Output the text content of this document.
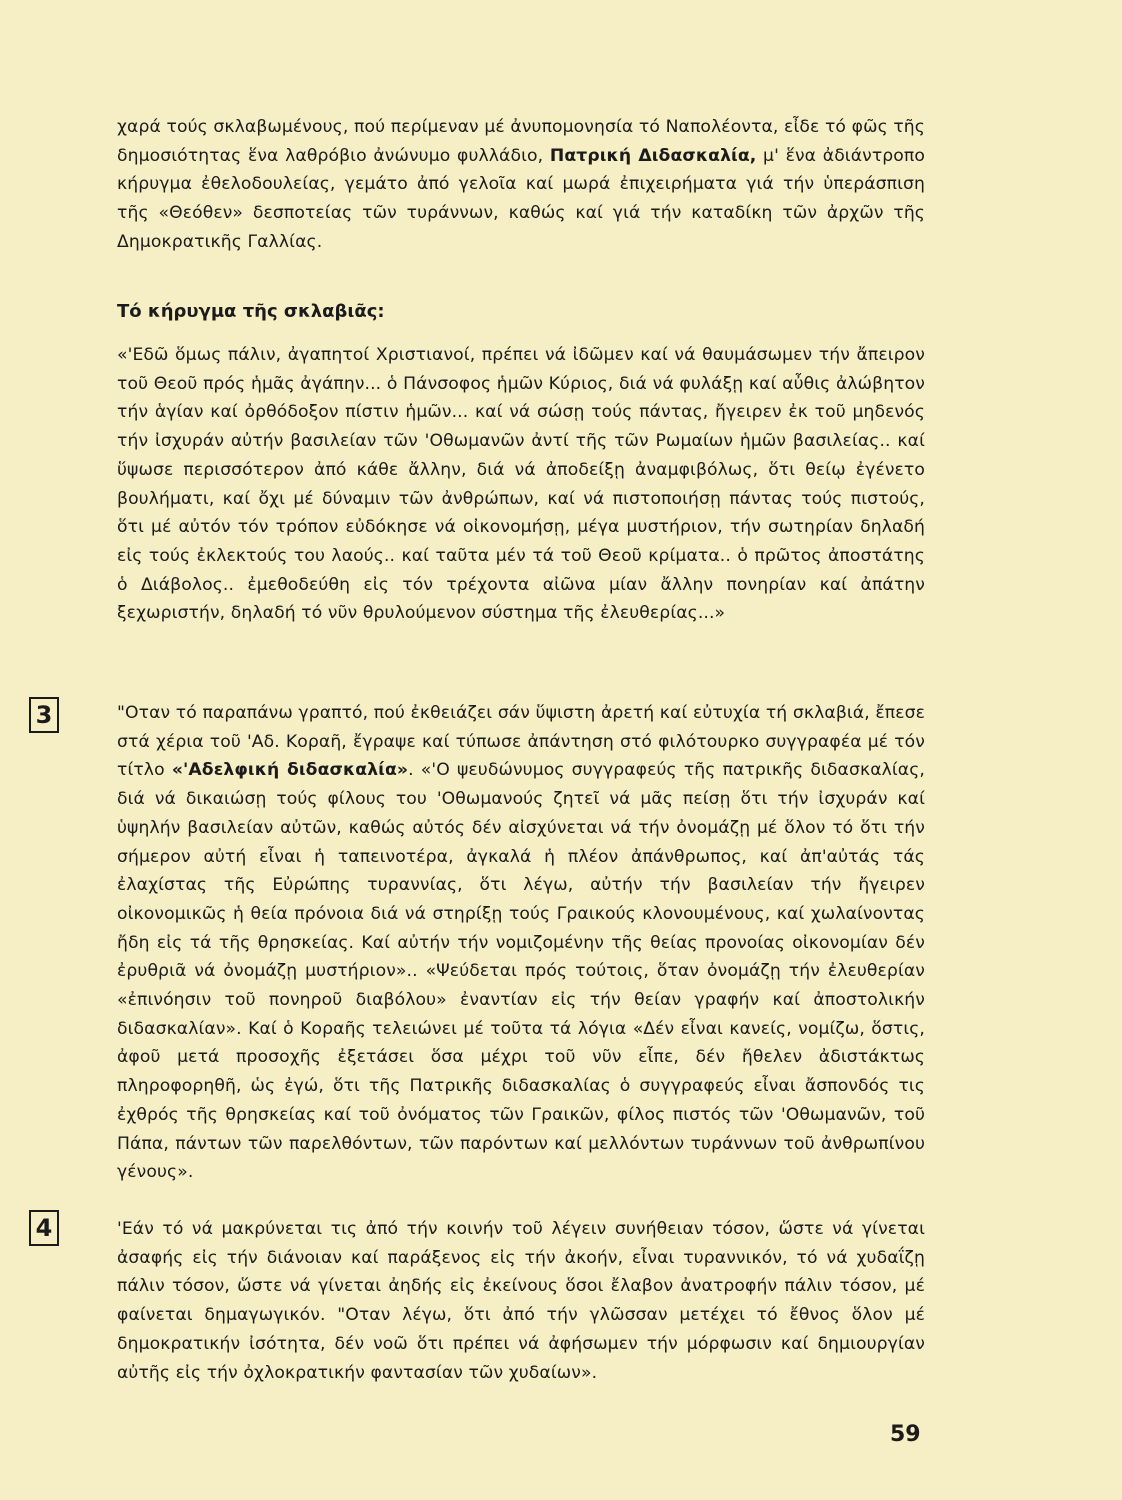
χαρά τούς σκλαβωμένους, πού περίμεναν μέ ἀνυπομονησία τό Ναπολέοντα, εἶδε τό φῶς τῆς δημοσιότητας ἕνα λαθρόβιο ἀνώνυμο φυλλάδιο, Πατρική Διδασκαλία, μ' ἕνα ἀδιάντροπο κήρυγμα ἐθελοδουλείας, γεμάτο ἀπό γελοῖα καί μωρά ἐπιχειρήματα γιά τήν ὑπεράσπιση τῆς «Θεόθεν» δεσποτείας τῶν τυράννων, καθώς καί γιά τήν καταδίκη τῶν ἀρχῶν τῆς Δημοκρατικῆς Γαλλίας.

Τό κήρυγμα τῆς σκλαβιᾶς:

«'Εδῶ ὅμως πάλιν, ἀγαπητοί Χριστιανοί, πρέπει νά ἰδῶμεν καί νά θαυμάσωμεν τήν ἄπειρον τοῦ Θεοῦ πρός ἡμᾶς ἀγάπην... ὁ Πάνσοφος ἡμῶν Κύριος, διά νά φυλάξῃ καί αὖθις ἀλώβητον τήν ἁγίαν καί ὀρθόδοξον πίστιν ἡμῶν... καί νά σώσῃ τούς πάντας, ἤγειρεν ἐκ τοῦ μηδενός τήν ἰσχυράν αὐτήν βασιλείαν τῶν 'Οθωμανῶν ἀντί τῆς τῶν Ρωμαίων ἡμῶν βασιλείας.. καί ὕψωσε περισσότερον ἀπό κάθε ἄλλην, διά νά ἀποδείξῃ ἀναμφιβόλως, ὅτι θείῳ ἐγένετο βουλήματι, καί ὄχι μέ δύναμιν τῶν ἀνθρώπων, καί νά πιστοποιήσῃ πάντας τούς πιστούς, ὅτι μέ αὐτόν τόν τρόπον εὐδόκησε νά οἰκονομήσῃ, μέγα μυστήριον, τήν σωτηρίαν δηλαδή εἰς τούς ἐκλεκτούς του λαούς.. καί ταῦτα μέν τά τοῦ Θεοῦ κρίματα.. ὁ πρῶτος ἀποστάτης ὁ Διάβολος.. ἐμεθοδεύθη εἰς τόν τρέχοντα αἰῶνα μίαν ἄλλην πονηρίαν καί ἀπάτην ξεχωριστήν, δηλαδή τό νῦν θρυλούμενον σύστημα τῆς ἐλευθερίας...»

3	"Οταν τό παραπάνω γραπτό, πού ἐκθειάζει σάν ὕψιστη ἀρετή καί εὐτυχία τή σκλαβιά, ἔπεσε στά χέρια τοῦ 'Αδ. Κοραῆ, ἔγραψε καί τύπωσε ἀπάντηση στό φιλότουρκο συγγραφέα μέ τόν τίτλο «'Αδελφική διδασκαλία». «'Ο ψευδώνυμος συγγραφεύς τῆς πατρικῆς διδασκαλίας, διά νά δικαιώσῃ τούς φίλους του 'Οθωμανούς ζητεῖ νά μᾶς πείσῃ ὅτι τήν ἰσχυράν καί ὑψηλήν βασιλείαν αὐτῶν, καθώς αὐτός δέν αἰσχύνεται νά τήν ὀνομάζῃ μέ ὅλον τό ὅτι τήν σήμερον αὐτή εἶναι ἡ ταπεινοτέρα, ἀγκαλά ἡ πλέον ἀπάνθρωπος, καί ἀπ'αὐτάς τάς ἐλαχίστας τῆς Εὐρώπης τυραννίας, ὅτι λέγω, αὐτήν τήν βασιλείαν τήν ἤγειρεν οἰκονομικῶς ἡ θεία πρόνοια διά νά στηρίξῃ τούς Γραικούς κλονουμένους, καί χωλαίνοντας ἤδη εἰς τά τῆς θρησκείας. Καί αὐτήν τήν νομιζομένην τῆς θείας προνοίας οἰκονομίαν δέν ἐρυθριᾶ νά ὀνομάζῃ μυστήριον».. «Ψεύδεται πρός τούτοις, ὅταν ὀνομάζῃ τήν ἐλευθερίαν «ἐπινόησιν τοῦ πονηροῦ διαβόλου» ἐναντίαν εἰς τήν θείαν γραφήν καί ἀποστολικήν διδασκαλίαν». Καί ὁ Κοραῆς τελειώνει μέ τοῦτα τά λόγια «Δέν εἶναι κανείς, νομίζω, ὅστις, ἀφοῦ μετά προσοχῆς ἐξετάσει ὅσα μέχρι τοῦ νῦν εἶπε, δέν ἤθελεν ἀδιστάκτως πληροφορηθῆ, ὡς ἐγώ, ὅτι τῆς Πατρικῆς διδασκαλίας ὁ συγγραφεύς εἶναι ἄσπονδός τις ἐχθρός τῆς θρησκείας καί τοῦ ὀνόματος τῶν Γραικῶν, φίλος πιστός τῶν 'Οθωμανῶν, τοῦ Πάπα, πάντων τῶν παρελθόντων, τῶν παρόντων καί μελλόντων τυράννων τοῦ ἀνθρωπίνου γένους».

4	'Εάν τό νά μακρύνεται τις ἀπό τήν κοινήν τοῦ λέγειν συνήθειαν τόσον, ὥστε νά γίνεται ἀσαφής εἰς τήν διάνοιαν καί παράξενος εἰς τήν ἀκοήν, εἶναι τυραννικόν, τό νά χυδαΐζῃ πάλιν τόσον, ὥστε νά γίνεται ἀηδής εἰς ἐκείνους ὅσοι ἔλαβον ἀνατροφήν πάλιν τόσον, μέ φαίνεται δημαγωγικόν. "Οταν λέγω, ὅτι ἀπό τήν γλῶσσαν μετέχει τό ἔθνος ὅλον μέ δημοκρατικήν ἰσότητα, δέν νοῶ ὅτι πρέπει νά ἀφήσωμεν τήν μόρφωσιν καί δημιουργίαν αὐτῆς εἰς τήν ὀχλοκρατικήν φαντασίαν τῶν χυδαίων».

59
